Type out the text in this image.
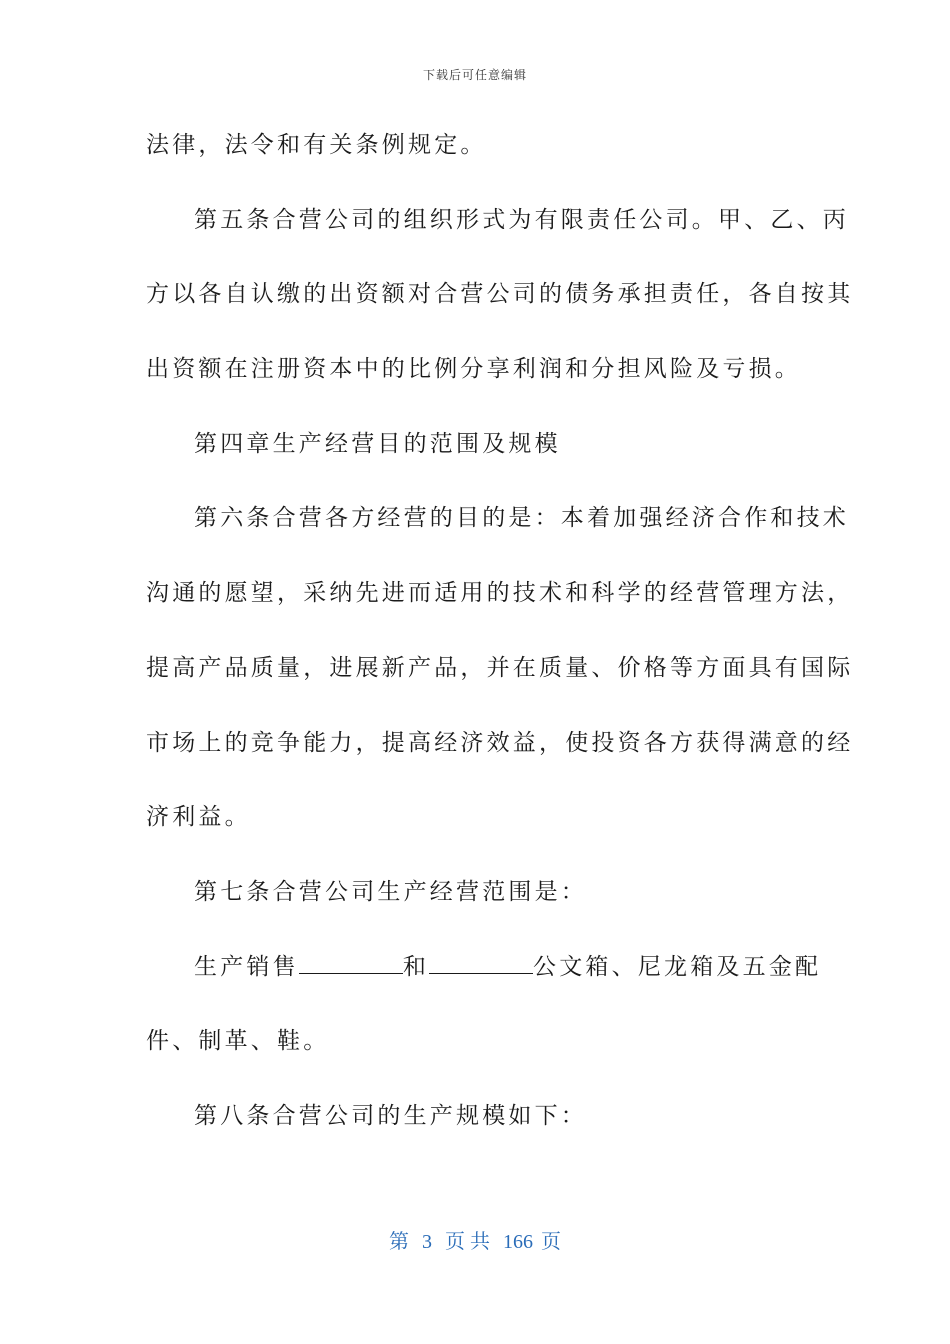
下载后可任意编辑
法律，法令和有关条例规定。
第五条合营公司的组织形式为有限责任公司。甲、乙、丙
方以各自认缴的出资额对合营公司的债务承担责任，各自按其
出资额在注册资本中的比例分享利润和分担风险及亏损。
第四章生产经营目的范围及规模
第六条合营各方经营的目的是：本着加强经济合作和技术
沟通的愿望，采纳先进而适用的技术和科学的经营管理方法，
提高产品质量，进展新产品，并在质量、价格等方面具有国际
市场上的竞争能力，提高经济效益，使投资各方获得满意的经
济利益。
第七条合营公司生产经营范围是：
生产销售	和	公文箱、尼龙箱及五金配
件、制革、鞋。
第八条合营公司的生产规模如下：
第 3 页 共 166 页
